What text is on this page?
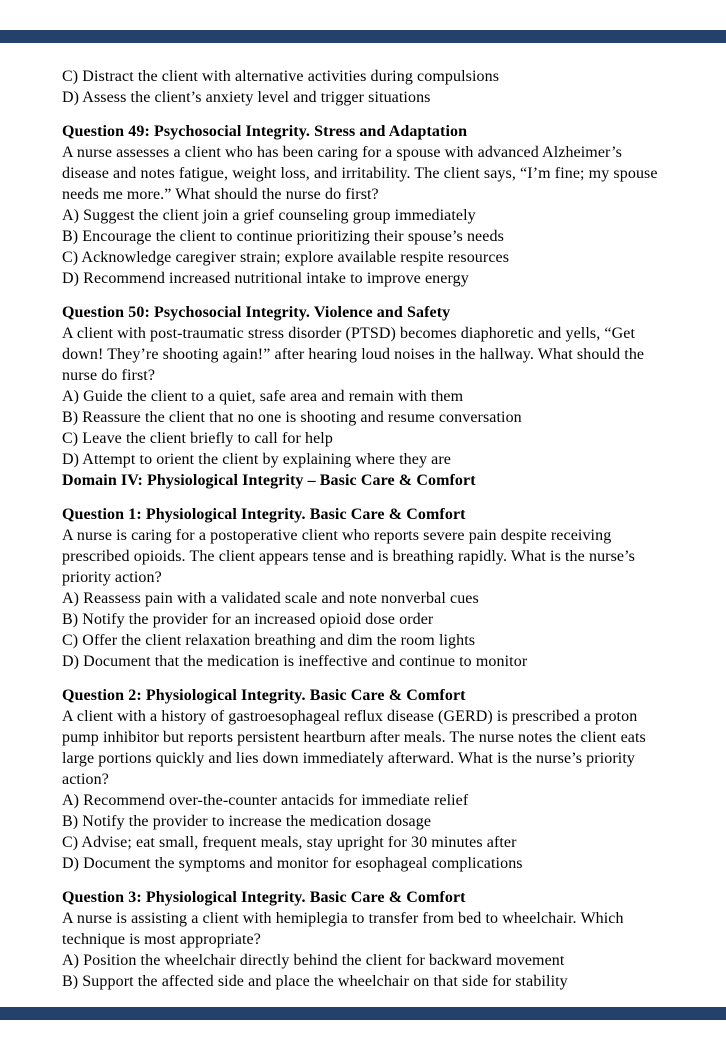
C) Distract the client with alternative activities during compulsions
D) Assess the client’s anxiety level and trigger situations
Question 49: Psychosocial Integrity. Stress and Adaptation
A nurse assesses a client who has been caring for a spouse with advanced Alzheimer’s
disease and notes fatigue, weight loss, and irritability. The client says, “I’m fine; my spouse
needs me more.” What should the nurse do first?
A) Suggest the client join a grief counseling group immediately
B) Encourage the client to continue prioritizing their spouse’s needs
C) Acknowledge caregiver strain; explore available respite resources
D) Recommend increased nutritional intake to improve energy
Question 50: Psychosocial Integrity. Violence and Safety
A client with post-traumatic stress disorder (PTSD) becomes diaphoretic and yells, “Get
down! They’re shooting again!” after hearing loud noises in the hallway. What should the
nurse do first?
A) Guide the client to a quiet, safe area and remain with them
B) Reassure the client that no one is shooting and resume conversation
C) Leave the client briefly to call for help
D) Attempt to orient the client by explaining where they are
Domain IV: Physiological Integrity – Basic Care & Comfort
Question 1: Physiological Integrity. Basic Care & Comfort
A nurse is caring for a postoperative client who reports severe pain despite receiving
prescribed opioids. The client appears tense and is breathing rapidly. What is the nurse’s
priority action?
A) Reassess pain with a validated scale and note nonverbal cues
B) Notify the provider for an increased opioid dose order
C) Offer the client relaxation breathing and dim the room lights
D) Document that the medication is ineffective and continue to monitor
Question 2: Physiological Integrity. Basic Care & Comfort
A client with a history of gastroesophageal reflux disease (GERD) is prescribed a proton
pump inhibitor but reports persistent heartburn after meals. The nurse notes the client eats
large portions quickly and lies down immediately afterward. What is the nurse’s priority
action?
A) Recommend over-the-counter antacids for immediate relief
B) Notify the provider to increase the medication dosage
C) Advise; eat small, frequent meals, stay upright for 30 minutes after
D) Document the symptoms and monitor for esophageal complications
Question 3: Physiological Integrity. Basic Care & Comfort
A nurse is assisting a client with hemiplegia to transfer from bed to wheelchair. Which
technique is most appropriate?
A) Position the wheelchair directly behind the client for backward movement
B) Support the affected side and place the wheelchair on that side for stability
